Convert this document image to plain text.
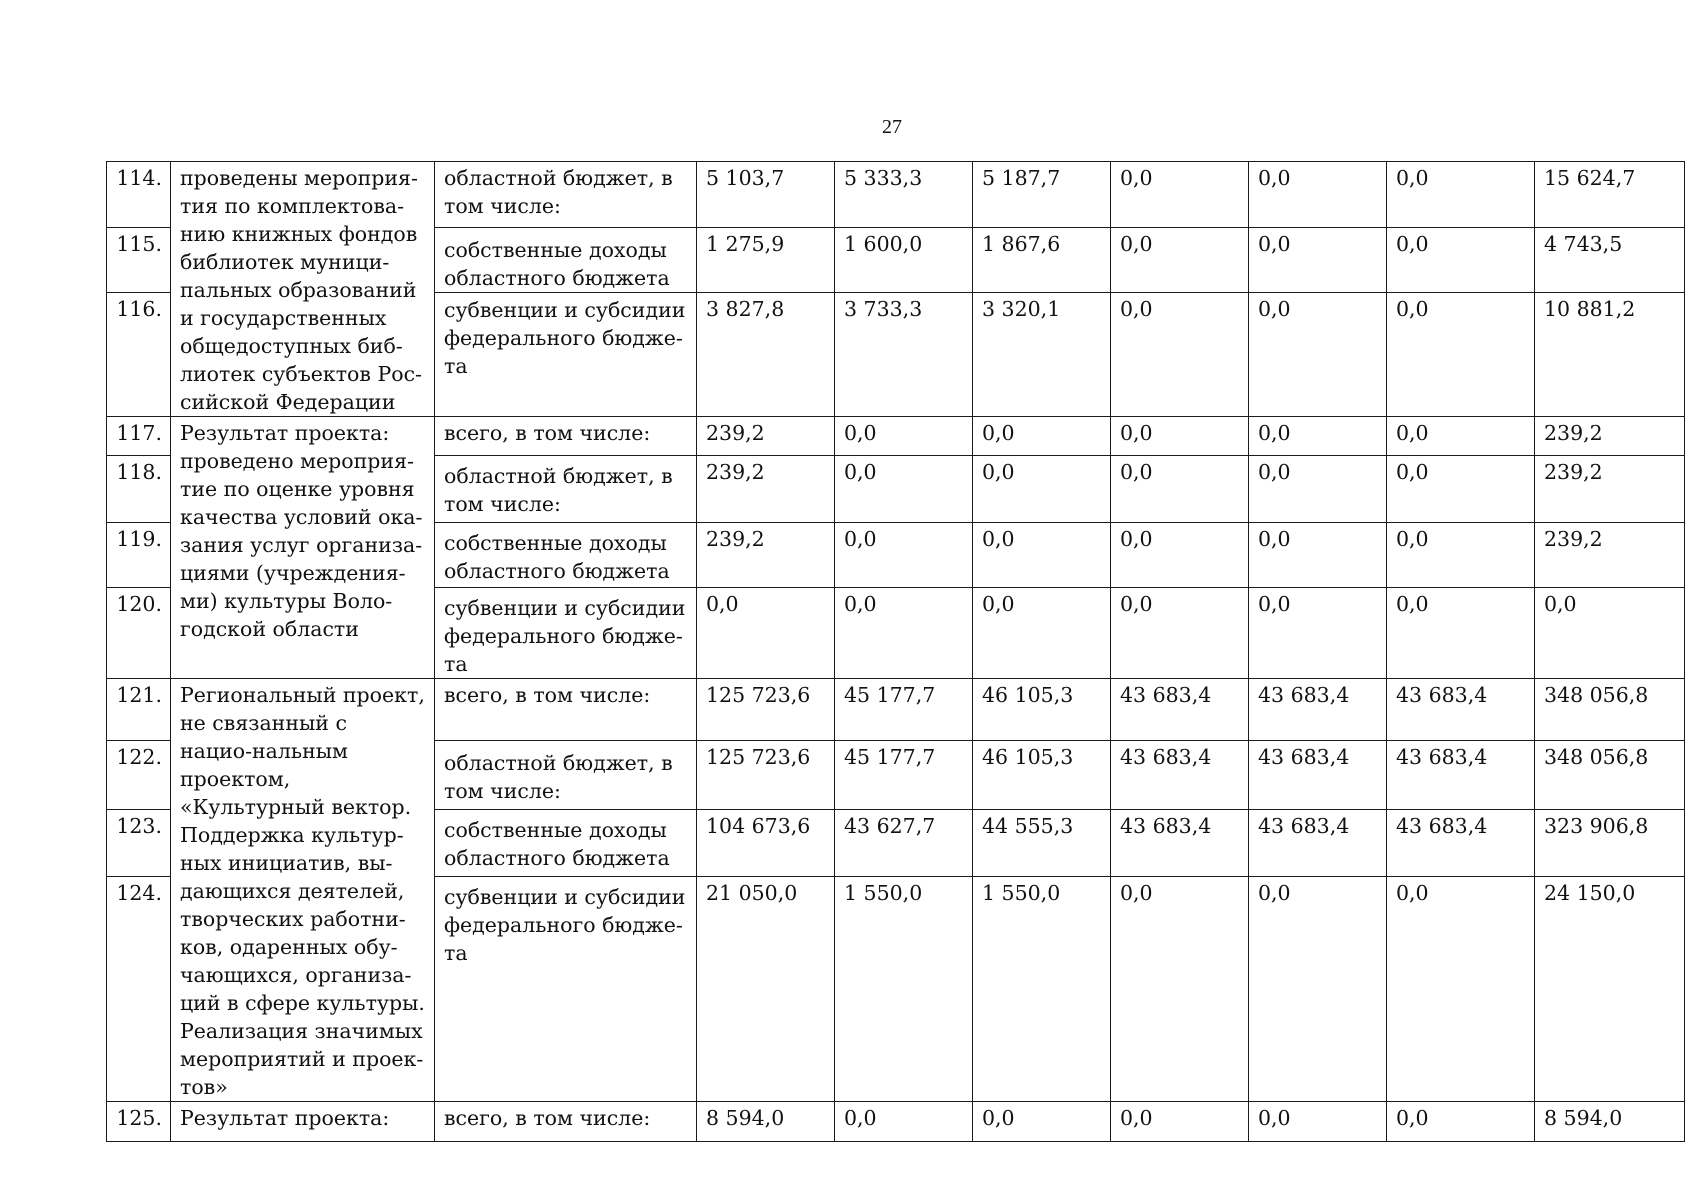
27
114.	проведены мероприя-тия по комплектова-нию книжных фондов библиотек муници-пальных образований и государственных общедоступных биб-лиотек субъектов Рос-сийской Федерации	областной бюджет, в том числе:	5 103,7	5 333,3	5 187,7	0,0	0,0	0,0	15 624,7
115.		собственные доходы областного бюджета	1 275,9	1 600,0	1 867,6	0,0	0,0	0,0	4 743,5
116.		субвенции и субсидии федерального бюдже-та	3 827,8	3 733,3	3 320,1	0,0	0,0	0,0	10 881,2
117.	Результат проекта: проведено мероприя-тие по оценке уровня качества условий ока-зания услуг организа-циями (учреждения-ми) культуры Воло-годской области	всего, в том числе:	239,2	0,0	0,0	0,0	0,0	0,0	239,2
118.		областной бюджет, в том числе:	239,2	0,0	0,0	0,0	0,0	0,0	239,2
119.		собственные доходы областного бюджета	239,2	0,0	0,0	0,0	0,0	0,0	239,2
120.		субвенции и субсидии федерального бюдже-та	0,0	0,0	0,0	0,0	0,0	0,0	0,0
121.	Региональный проект, не связанный с нацио-нальным проектом, «Культурный вектор. Поддержка культур-ных инициатив, вы-дающихся деятелей, творческих работни-ков, одаренных обу-чающихся, организа-ций в сфере культуры. Реализация значимых мероприятий и проек-тов»	всего, в том числе:	125 723,6	45 177,7	46 105,3	43 683,4	43 683,4	43 683,4	348 056,8
122.		областной бюджет, в том числе:	125 723,6	45 177,7	46 105,3	43 683,4	43 683,4	43 683,4	348 056,8
123.		собственные доходы областного бюджета	104 673,6	43 627,7	44 555,3	43 683,4	43 683,4	43 683,4	323 906,8
124.		субвенции и субсидии федерального бюдже-та	21 050,0	1 550,0	1 550,0	0,0	0,0	0,0	24 150,0
125.	Результат проекта:	всего, в том числе:	8 594,0	0,0	0,0	0,0	0,0	0,0	8 594,0
